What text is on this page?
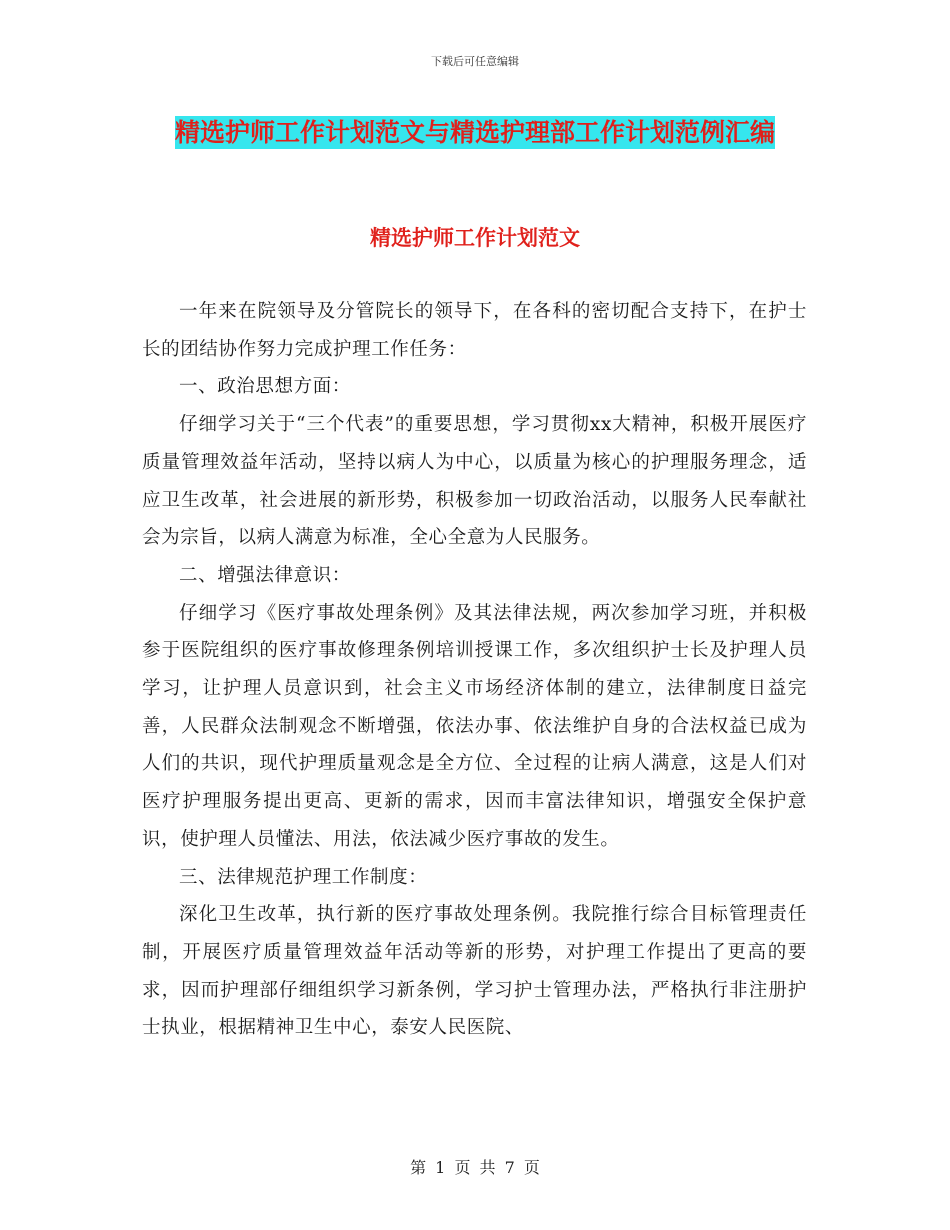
下载后可任意编辑
精选护师工作计划范文与精选护理部工作计划范例汇编
精选护师工作计划范文

一年来在院领导及分管院长的领导下，在各科的密切配合支持下，在护士长的团结协作努力完成护理工作任务：

一、政治思想方面：

仔细学习关于“三个代表”的重要思想，学习贯彻xx大精神，积极开展医疗质量管理效益年活动，坚持以病人为中心，以质量为核心的护理服务理念，适应卫生改革，社会进展的新形势，积极参加一切政治活动，以服务人民奉献社会为宗旨，以病人满意为标准，全心全意为人民服务。

二、增强法律意识：

仔细学习《医疗事故处理条例》及其法律法规，两次参加学习班，并积极参于医院组织的医疗事故修理条例培训授课工作，多次组织护士长及护理人员学习，让护理人员意识到，社会主义市场经济体制的建立，法律制度日益完善，人民群众法制观念不断增强，依法办事、依法维护自身的合法权益已成为人们的共识，现代护理质量观念是全方位、全过程的让病人满意，这是人们对医疗护理服务提出更高、更新的需求，因而丰富法律知识，增强安全保护意识，使护理人员懂法、用法，依法减少医疗事故的发生。

三、法律规范护理工作制度：

深化卫生改革，执行新的医疗事故处理条例。我院推行综合目标管理责任制，开展医疗质量管理效益年活动等新的形势，对护理工作提出了更高的要求，因而护理部仔细组织学习新条例，学习护士管理办法，严格执行非注册护士执业，根据精神卫生中心，泰安人民医院、

第 1 页 共 7 页
